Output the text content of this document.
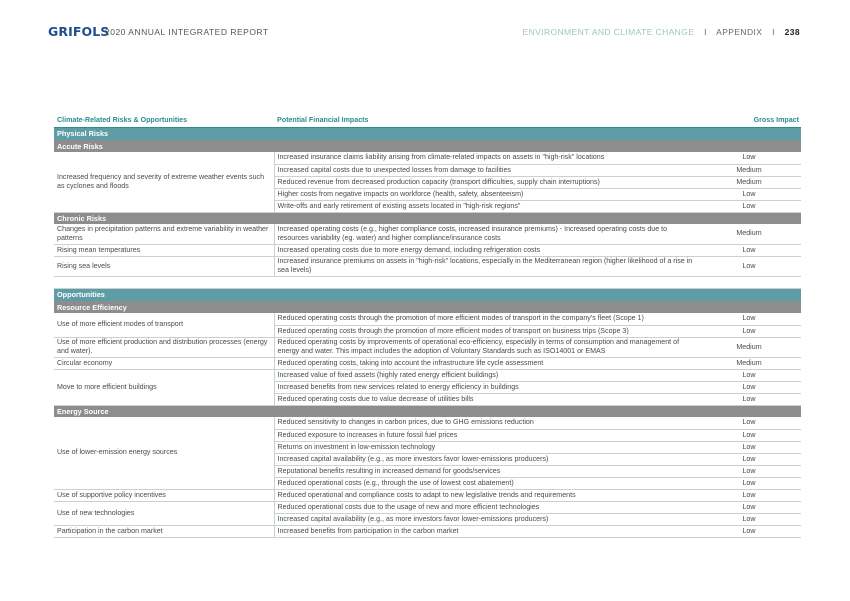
GRIFOLS
2020 ANNUAL INTEGRATED REPORT	ENVIRONMENT AND CLIMATE CHANGE I APPENDIX I 238
Climate-Related Risks & Opportunities	Potential Financial Impacts	Gross Impact
Physical Risks		
Accute Risks		
Increased frequency and severity of extreme weather events such as cyclones and floods	Increased insurance claims liability arising from climate-related impacts on assets in "high-risk" locations	Low
	Increased capital costs due to unexpected losses from damage to facilities	Medium
	Reduced revenue from decreased production capacity (transport difficulties, supply chain interruptions)	Medium
	Higher costs from negative impacts on workforce (health, safety, absenteeism)	Low
	Write-offs and early retirement of existing assets located in "high-risk regions"	Low
Chronic Risks		
Changes in precipitation patterns and extreme variability in weather patterns	Increased operating costs (e.g., higher compliance costs, increased insurance premiums) - Increased operating costs due to resources variability (eg. water) and higher compliance/insurance costs	Medium
Rising mean temperatures	Increased operating costs due to more energy demand, including refrigeration costs	Low
Rising sea levels	Increased insurance premiums on assets in "high-risk" locations, especially in the Mediterranean region (higher likelihood of a rise in sea levels)	Low

Opportunities		
Resource Efficiency		
Use of more efficient modes of transport	Reduced operating costs through the promotion of more efficient modes of transport in the company's fleet (Scope 1)	Low
	Reduced operating costs through the promotion of more efficient modes of transport on business trips (Scope 3)	Low
Use of more efficient production and distribution processes (energy and water).	Reduced operating costs by improvements of operational eco-efficiency, especially in terms of consumption and management of energy and water. This impact includes the adoption of Voluntary Standards such as ISO14001 or EMAS	Medium
Circular economy	Reduced operating costs, taking into account the infrastructure life cycle assessment	Medium
Move to more efficient buildings	Increased value of fixed assets (highly rated energy efficient buildings)	Low
	Increased benefits from new services related to energy efficiency in buildings	Low
	Reduced operating costs due to value decrease of utilities bills	Low
Energy Source		
Use of lower-emission energy sources	Reduced sensitivity to changes in carbon prices, due to GHG emissions reduction	Low
	Reduced exposure to increases in future fossil fuel prices	Low
	Returns on investment in low-emission technology	Low
	Increased capital availability (e.g., as more investors favor lower-emissions producers)	Low
	Reputational benefits resulting in increased demand for goods/services	Low
	Reduced operational costs (e.g., through the use of lowest cost abatement)	Low
Use of supportive policy incentives	Reduced operational and compliance costs to adapt to new legislative trends and requirements	Low
Use of new technologies	Reduced operational costs due to the usage of new and more efficient technologies	Low
	Increased capital availability (e.g., as more investors favor lower-emissions producers)	Low
Participation in the carbon market	Increased benefits from participation in the carbon market	Low
